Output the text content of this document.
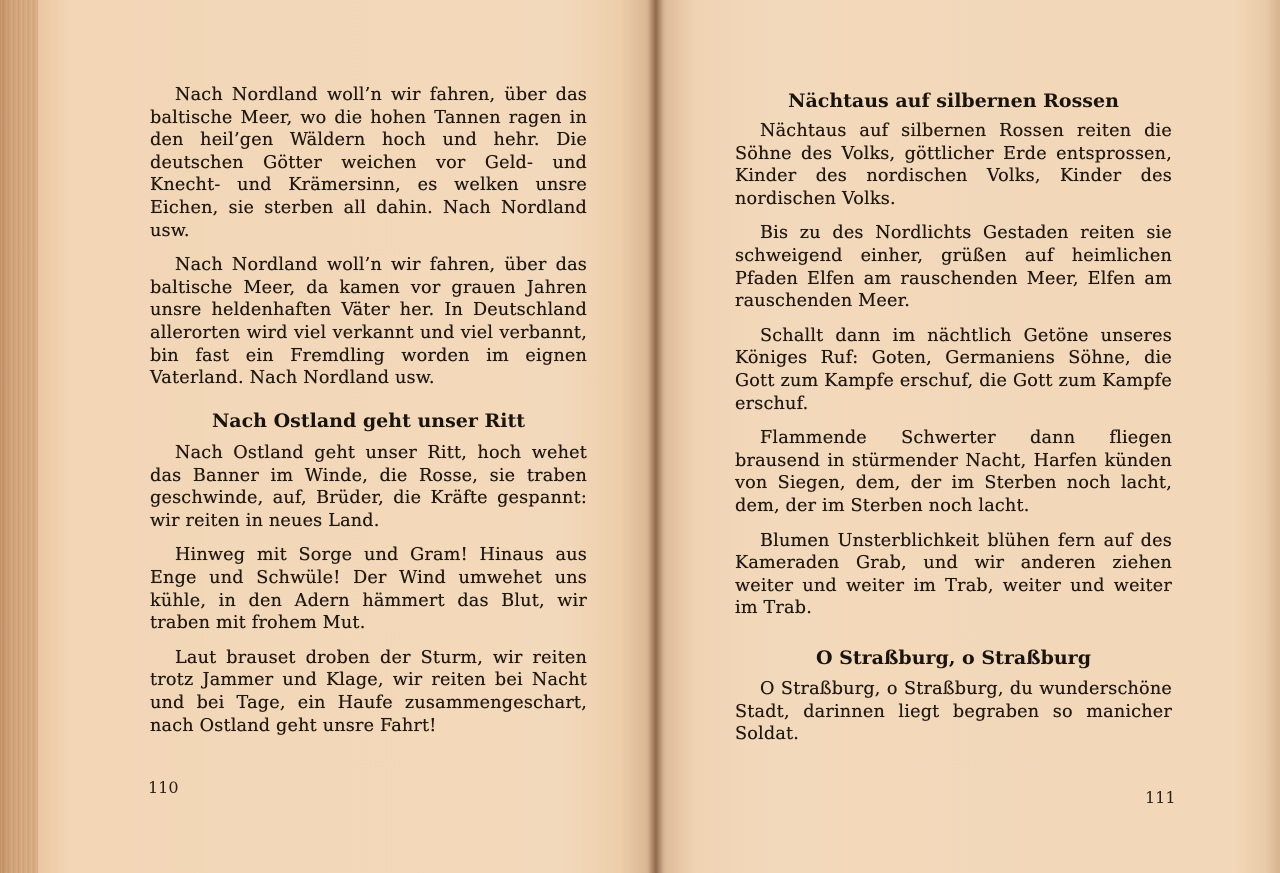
Nach Nordland woll’n wir fahren, über das baltische Meer, wo die hohen Tannen ragen in den heil’gen Wäldern hoch und hehr. Die deutschen Götter weichen vor Geld- und Knecht- und Krämersinn, es welken unsre Eichen, sie sterben all dahin. Nach Nordland usw.

Nach Nordland woll’n wir fahren, über das baltische Meer, da kamen vor grauen Jahren unsre heldenhaften Väter her. In Deutschland allerorten wird viel verkannt und viel verbannt, bin fast ein Fremdling worden im eignen Vaterland. Nach Nordland usw.

Nach Ostland geht unser Ritt

Nach Ostland geht unser Ritt, hoch wehet das Banner im Winde, die Rosse, sie traben geschwinde, auf, Brüder, die Kräfte gespannt: wir reiten in neues Land.

Hinweg mit Sorge und Gram! Hinaus aus Enge und Schwüle! Der Wind umwehet uns kühle, in den Adern hämmert das Blut, wir traben mit frohem Mut.

Laut brauset droben der Sturm, wir reiten trotz Jammer und Klage, wir reiten bei Nacht und bei Tage, ein Haufe zusammengeschart, nach Ostland geht unsre Fahrt!

110
Nächtaus auf silbernen Rossen

Nächtaus auf silbernen Rossen reiten die Söhne des Volks, göttlicher Erde entsprossen, Kinder des nordischen Volks, Kinder des nordischen Volks.

Bis zu des Nordlichts Gestaden reiten sie schweigend einher, grüßen auf heimlichen Pfaden Elfen am rauschenden Meer, Elfen am rauschenden Meer.

Schallt dann im nächtlich Getöne unseres Königes Ruf: Goten, Germaniens Söhne, die Gott zum Kampfe erschuf, die Gott zum Kampfe erschuf.

Flammende Schwerter dann fliegen brausend in stürmender Nacht, Harfen künden von Siegen, dem, der im Sterben noch lacht, dem, der im Sterben noch lacht.

Blumen Unsterblichkeit blühen fern auf des Kameraden Grab, und wir anderen ziehen weiter und weiter im Trab, weiter und weiter im Trab.

O Straßburg, o Straßburg

O Straßburg, o Straßburg, du wunderschöne Stadt, darinnen liegt begraben so manicher Soldat.

111
